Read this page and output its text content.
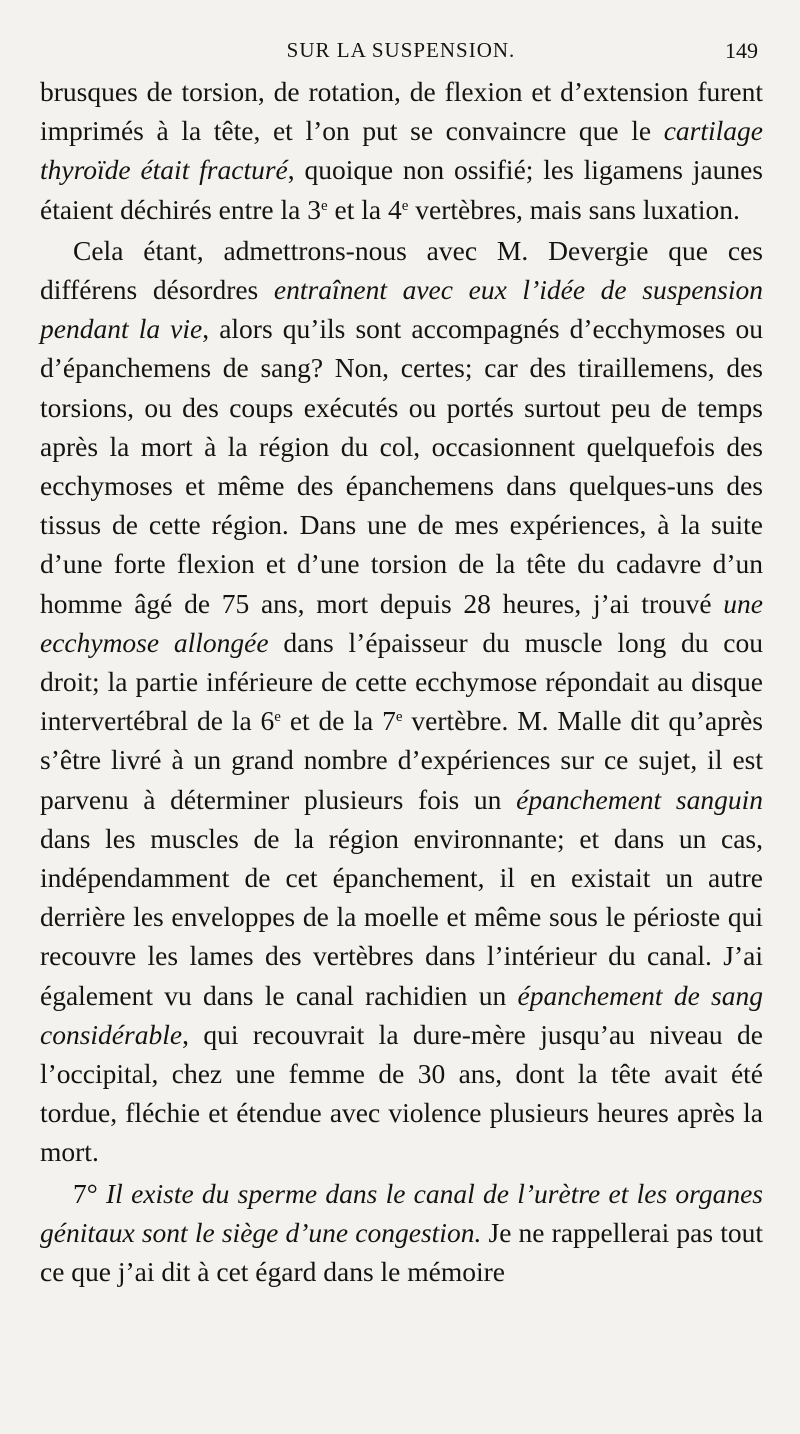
SUR LA SUSPENSION.	149

brusques de torsion, de rotation, de flexion et d’extension furent imprimés à la tête, et l’on put se convaincre que le cartilage thyroïde était fracturé, quoique non ossifié; les ligamens jaunes étaient déchirés entre la 3e et la 4e vertèbres, mais sans luxation.

Cela étant, admettrons-nous avec M. Devergie que ces différens désordres entraînent avec eux l’idée de suspension pendant la vie, alors qu’ils sont accompagnés d’ecchymoses ou d’épanchemens de sang? Non, certes; car des tiraillemens, des torsions, ou des coups exécutés ou portés surtout peu de temps après la mort à la région du col, occasionnent quelquefois des ecchymoses et même des épanchemens dans quelques-uns des tissus de cette région. Dans une de mes expériences, à la suite d’une forte flexion et d’une torsion de la tête du cadavre d’un homme âgé de 75 ans, mort depuis 28 heures, j’ai trouvé une ecchymose allongée dans l’épaisseur du muscle long du cou droit; la partie inférieure de cette ecchymose répondait au disque intervertébral de la 6e et de la 7e vertèbre. M. Malle dit qu’après s’être livré à un grand nombre d’expériences sur ce sujet, il est parvenu à déterminer plusieurs fois un épanchement sanguin dans les muscles de la région environnante; et dans un cas, indépendamment de cet épanchement, il en existait un autre derrière les enveloppes de la moelle et même sous le périoste qui recouvre les lames des vertèbres dans l’intérieur du canal. J’ai également vu dans le canal rachidien un épanchement de sang considérable, qui recouvrait la dure-mère jusqu’au niveau de l’occipital, chez une femme de 30 ans, dont la tête avait été tordue, fléchie et étendue avec violence plusieurs heures après la mort.

7° Il existe du sperme dans le canal de l’urètre et les organes génitaux sont le siège d’une congestion. Je ne rappellerai pas tout ce que j’ai dit à cet égard dans le mémoire
